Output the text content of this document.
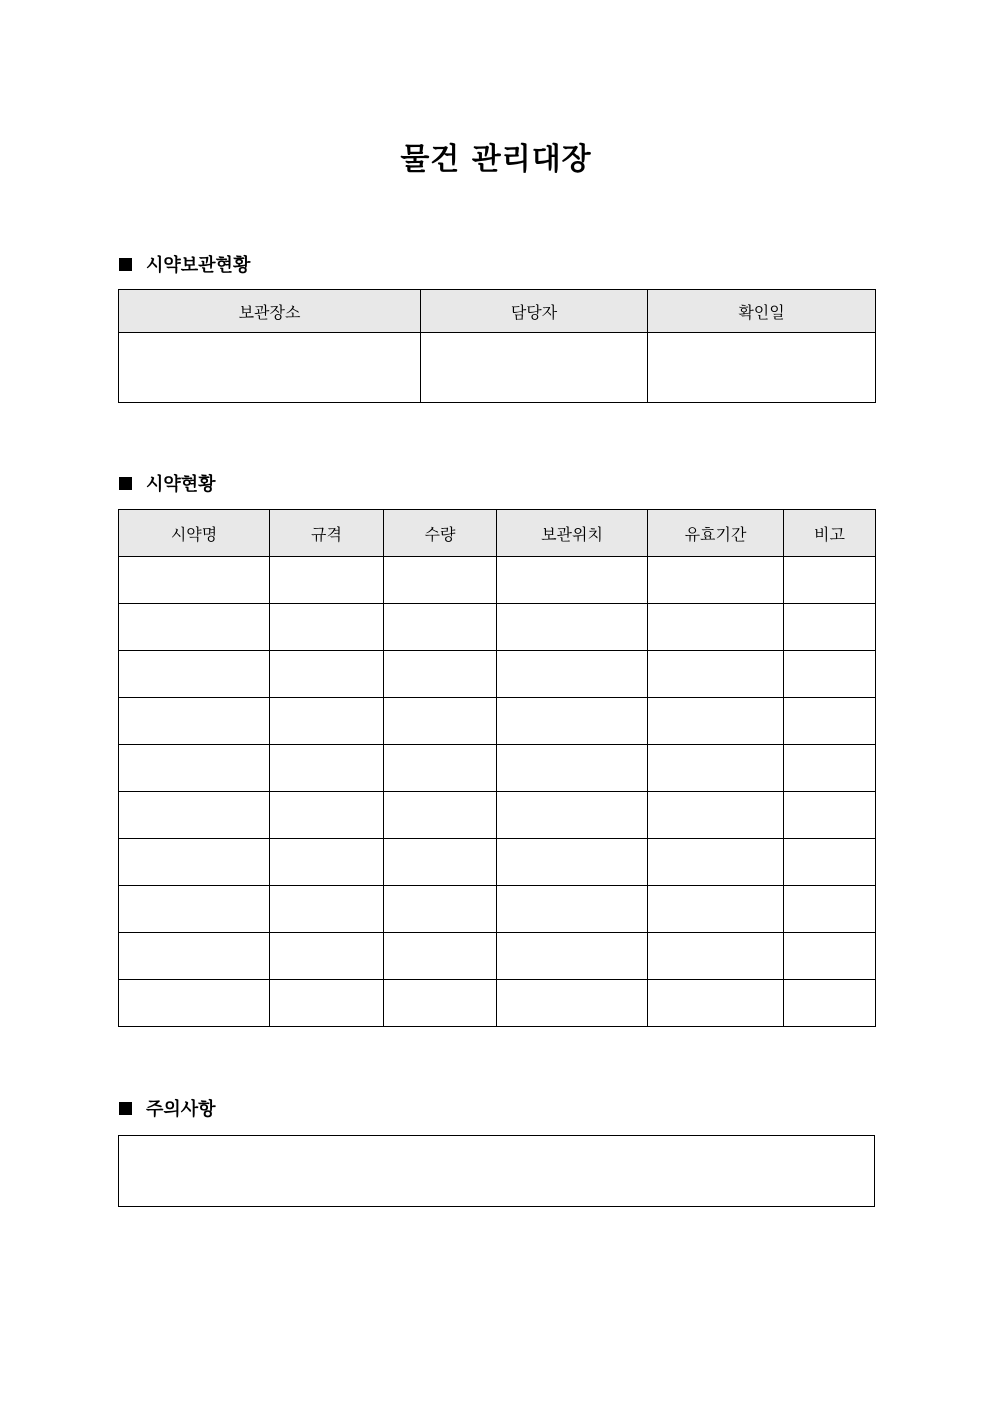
물건 관리대장
시약보관현황
보관장소	담당자	확인일

시약현황
시약명	규격	수량	보관위치	유효기간	비고

주의사항
